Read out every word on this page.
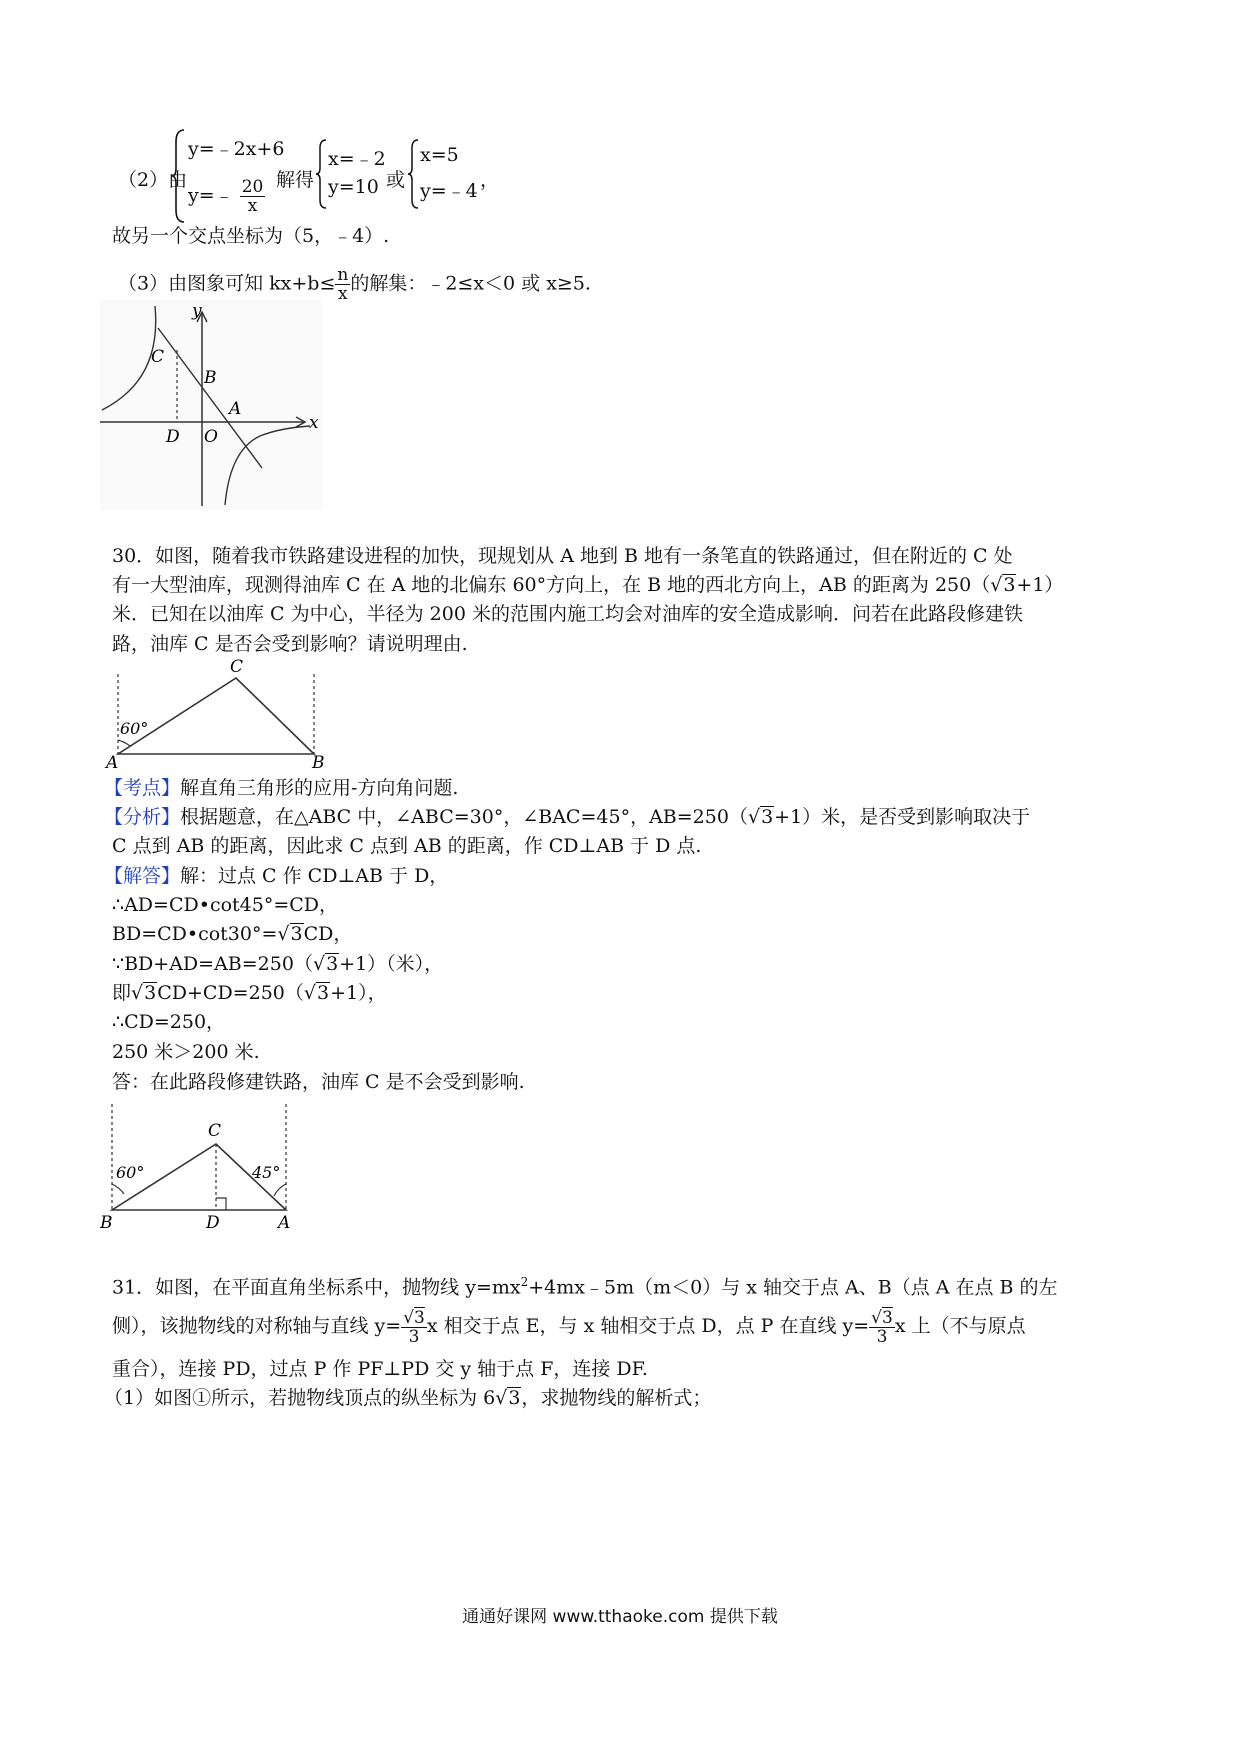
（2）由
y=﹣2x+6
y=﹣ $\frac{20}{x}$ 解得
x=﹣2
y=10 或
x=5
y=﹣4 ，
故另一个交点坐标为（5，﹣4）.
（3）由图象可知 $kx+b\le \frac{n}{x}$ 的解集：﹣2≤x＜0 或 x≥5.
y
x
C
B
A
D O
30．如图，随着我市铁路建设进程的加快，现规划从 A 地到 B 地有一条笔直的铁路通过，但在附近的 C 处
有一大型油库，现测得油库 C 在 A 地的北偏东 60°方向上，在 B 地的西北方向上，AB 的距离为 250（√3+1）
米．已知在以油库 C 为中心，半径为 200 米的范围内施工均会对油库的安全造成影响．问若在此路段修建铁
路，油库 C 是否会受到影响？请说明理由.
60°
C
A	B
【考点】解直角三角形的应用-方向角问题.
【分析】根据题意，在△ABC 中，∠ABC=30°，∠BAC=45°，AB=250（√3+1）米，是否受到影响取决于
C 点到 AB 的距离，因此求 C 点到 AB 的距离，作 CD⊥AB 于 D 点.
【解答】解：过点 C 作 CD⊥AB 于 D，
∴AD=CD•cot45°=CD，
BD=CD•cot30°=√3CD，
∵BD+AD=AB=250（√3+1）（米），
即√3CD+CD=250（√3+1），
∴CD=250，
250 米＞200 米.
答：在此路段修建铁路，油库 C 是不会受到影响.
60°	45°
C
B	D	A
31．如图，在平面直角坐标系中，抛物线 $y=mx^2+4mx﹣5m(m<0)$与 x 轴交于点 A、B（点 A 在点 B 的左
侧），该抛物线的对称轴与直线 $y= \frac{√3}{3}$ x 相交于点 E，与 x 轴相交于点 D，点 P 在直线 $y= \frac{√3}{3}$ x 上（不与原点
重合），连接 PD，过点 P 作 PF⊥PD 交 y 轴于点 F，连接 DF.
（1）如图①所示，若抛物线顶点的纵坐标为 6√3，求抛物线的解析式；
通通好课网 www.tthaoke.com 提供下载
